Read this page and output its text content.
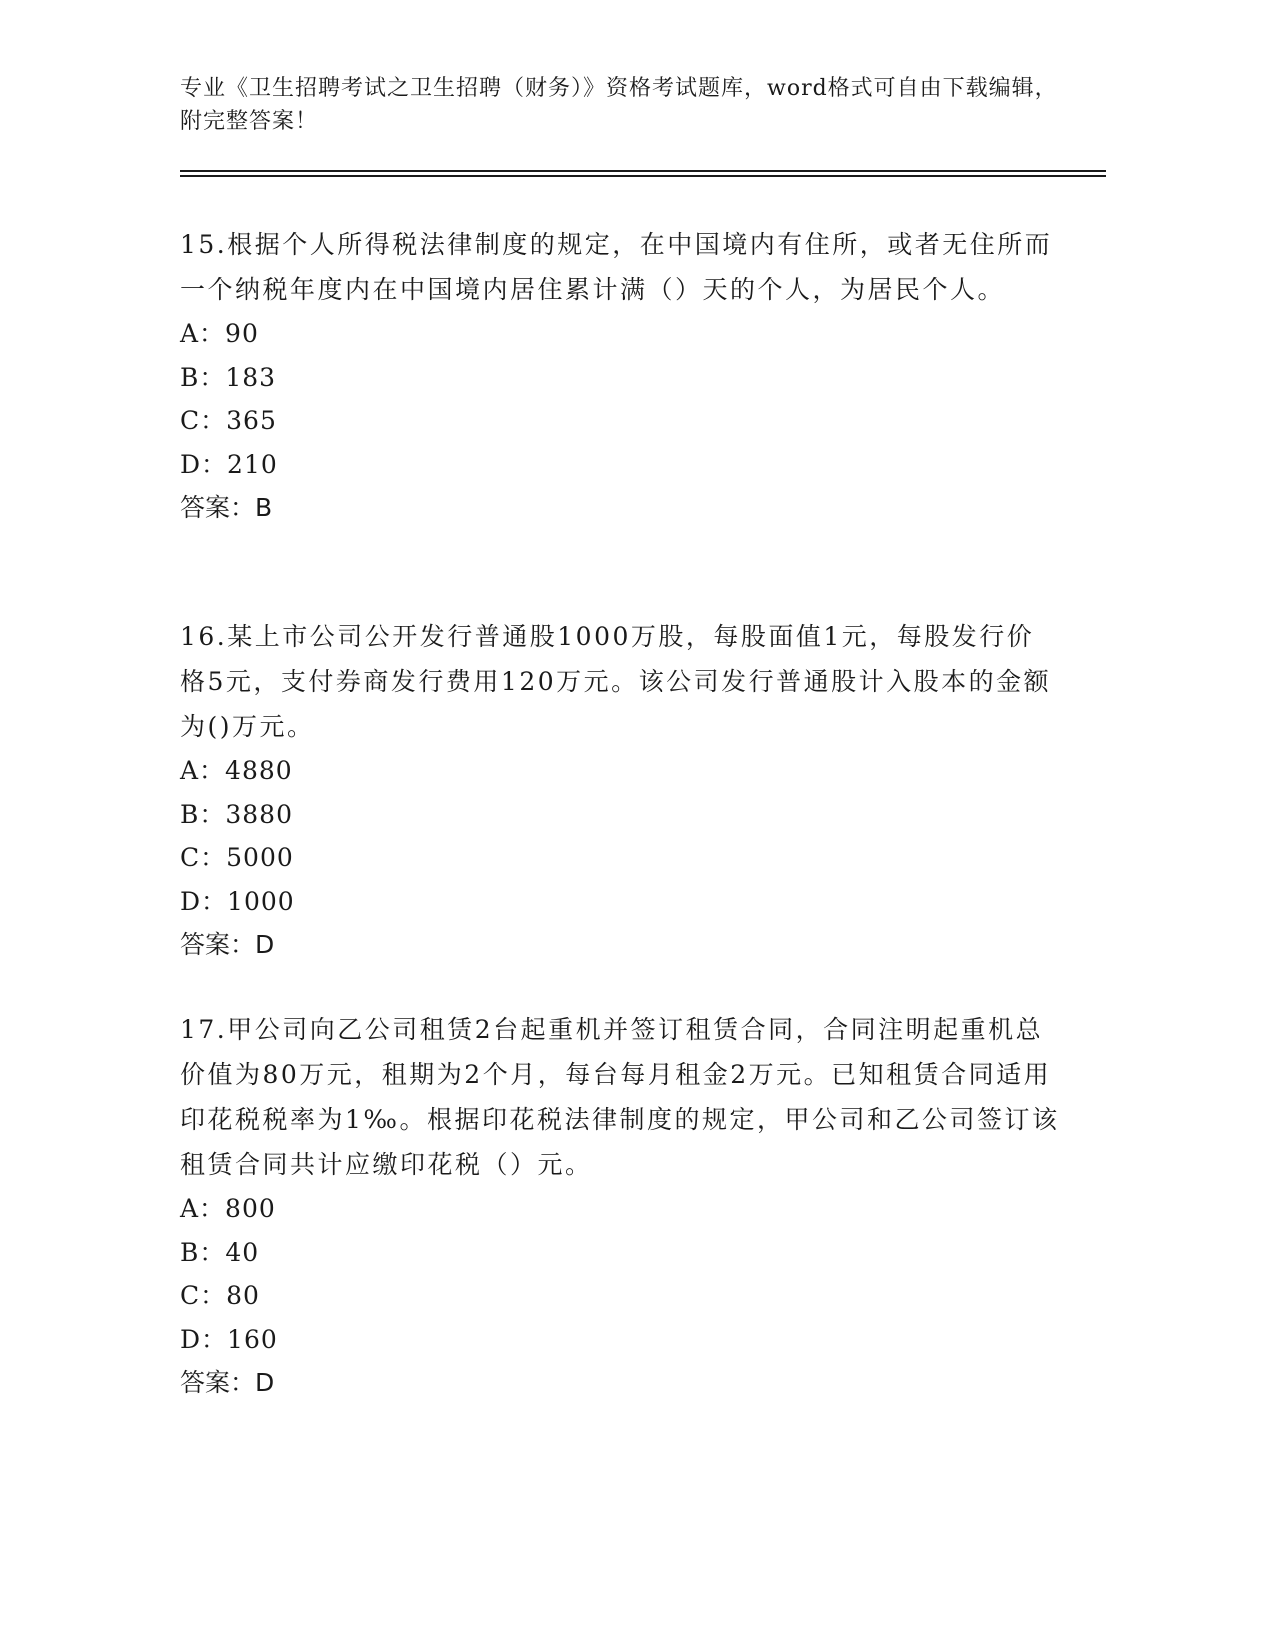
专业《卫生招聘考试之卫生招聘（财务）》资格考试题库，word格式可自由下载编辑，附完整答案！

15.根据个人所得税法律制度的规定，在中国境内有住所，或者无住所而一个纳税年度内在中国境内居住累计满（）天的个人，为居民个人。

A：90

B：183

C：365

D：210

答案：B

16.某上市公司公开发行普通股1000万股，每股面值1元，每股发行价格5元，支付券商发行费用120万元。该公司发行普通股计入股本的金额为()万元。

A：4880

B：3880

C：5000

D：1000

答案：D

17.甲公司向乙公司租赁2台起重机并签订租赁合同，合同注明起重机总价值为80万元，租期为2个月，每台每月租金2万元。已知租赁合同适用印花税税率为1‰。根据印花税法律制度的规定，甲公司和乙公司签订该租赁合同共计应缴印花税（）元。

A：800

B：40

C：80

D：160

答案：D
